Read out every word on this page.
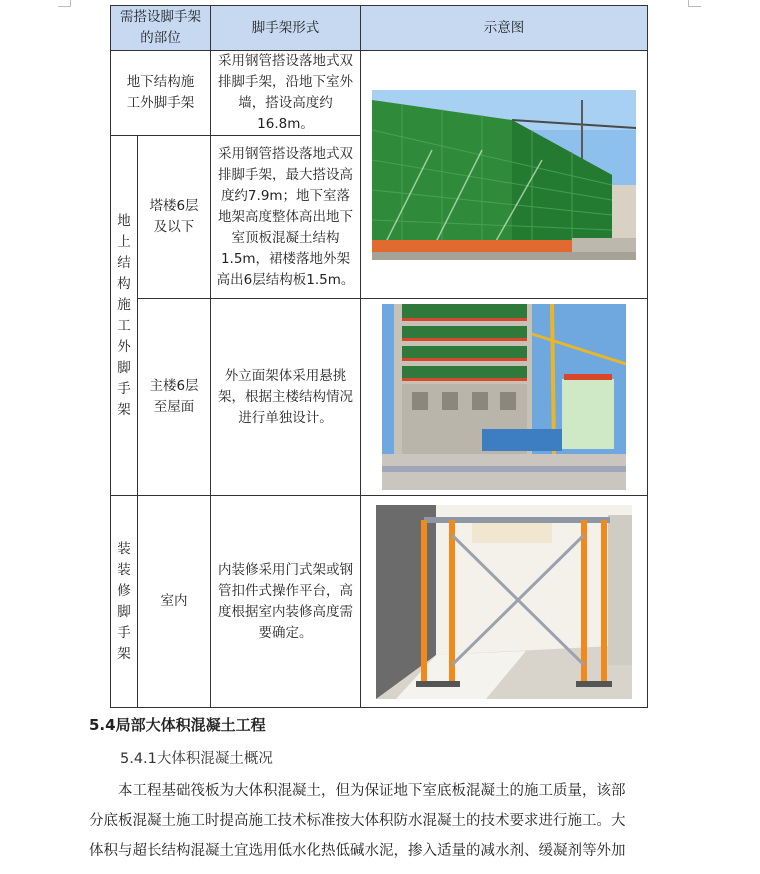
需搭设脚手架的部位		脚手架形式	示意图
地下结构施工外脚手架		采用钢管搭设落地式双排脚手架，沿地下室外墙，搭设高度约16.8m。	

地上结构施工外脚手架	塔楼6层及以下	采用钢管搭设落地式双排脚手架，最大搭设高度约7.9m；地下室落地架高度整体高出地下室顶板混凝土结构1.5m，裙楼落地外架高出6层结构板1.5m。	
	主楼6层至屋面	外立面架体采用悬挑架，根据主楼结构情况进行单独设计。	

装装修脚手架	室内	内装修采用门式架或钢管扣件式操作平台，高度根据室内装修高度需要确定。	
5.4局部大体积混凝土工程
5.4.1大体积混凝土概况

　　本工程基础筏板为大体积混凝土，但为保证地下室底板混凝土的施工质量，该部

分底板混凝土施工时提高施工技术标准按大体积防水混凝土的技术要求进行施工。大

体积与超长结构混凝土宜选用低水化热低碱水泥，掺入适量的减水剂、缓凝剂等外加
